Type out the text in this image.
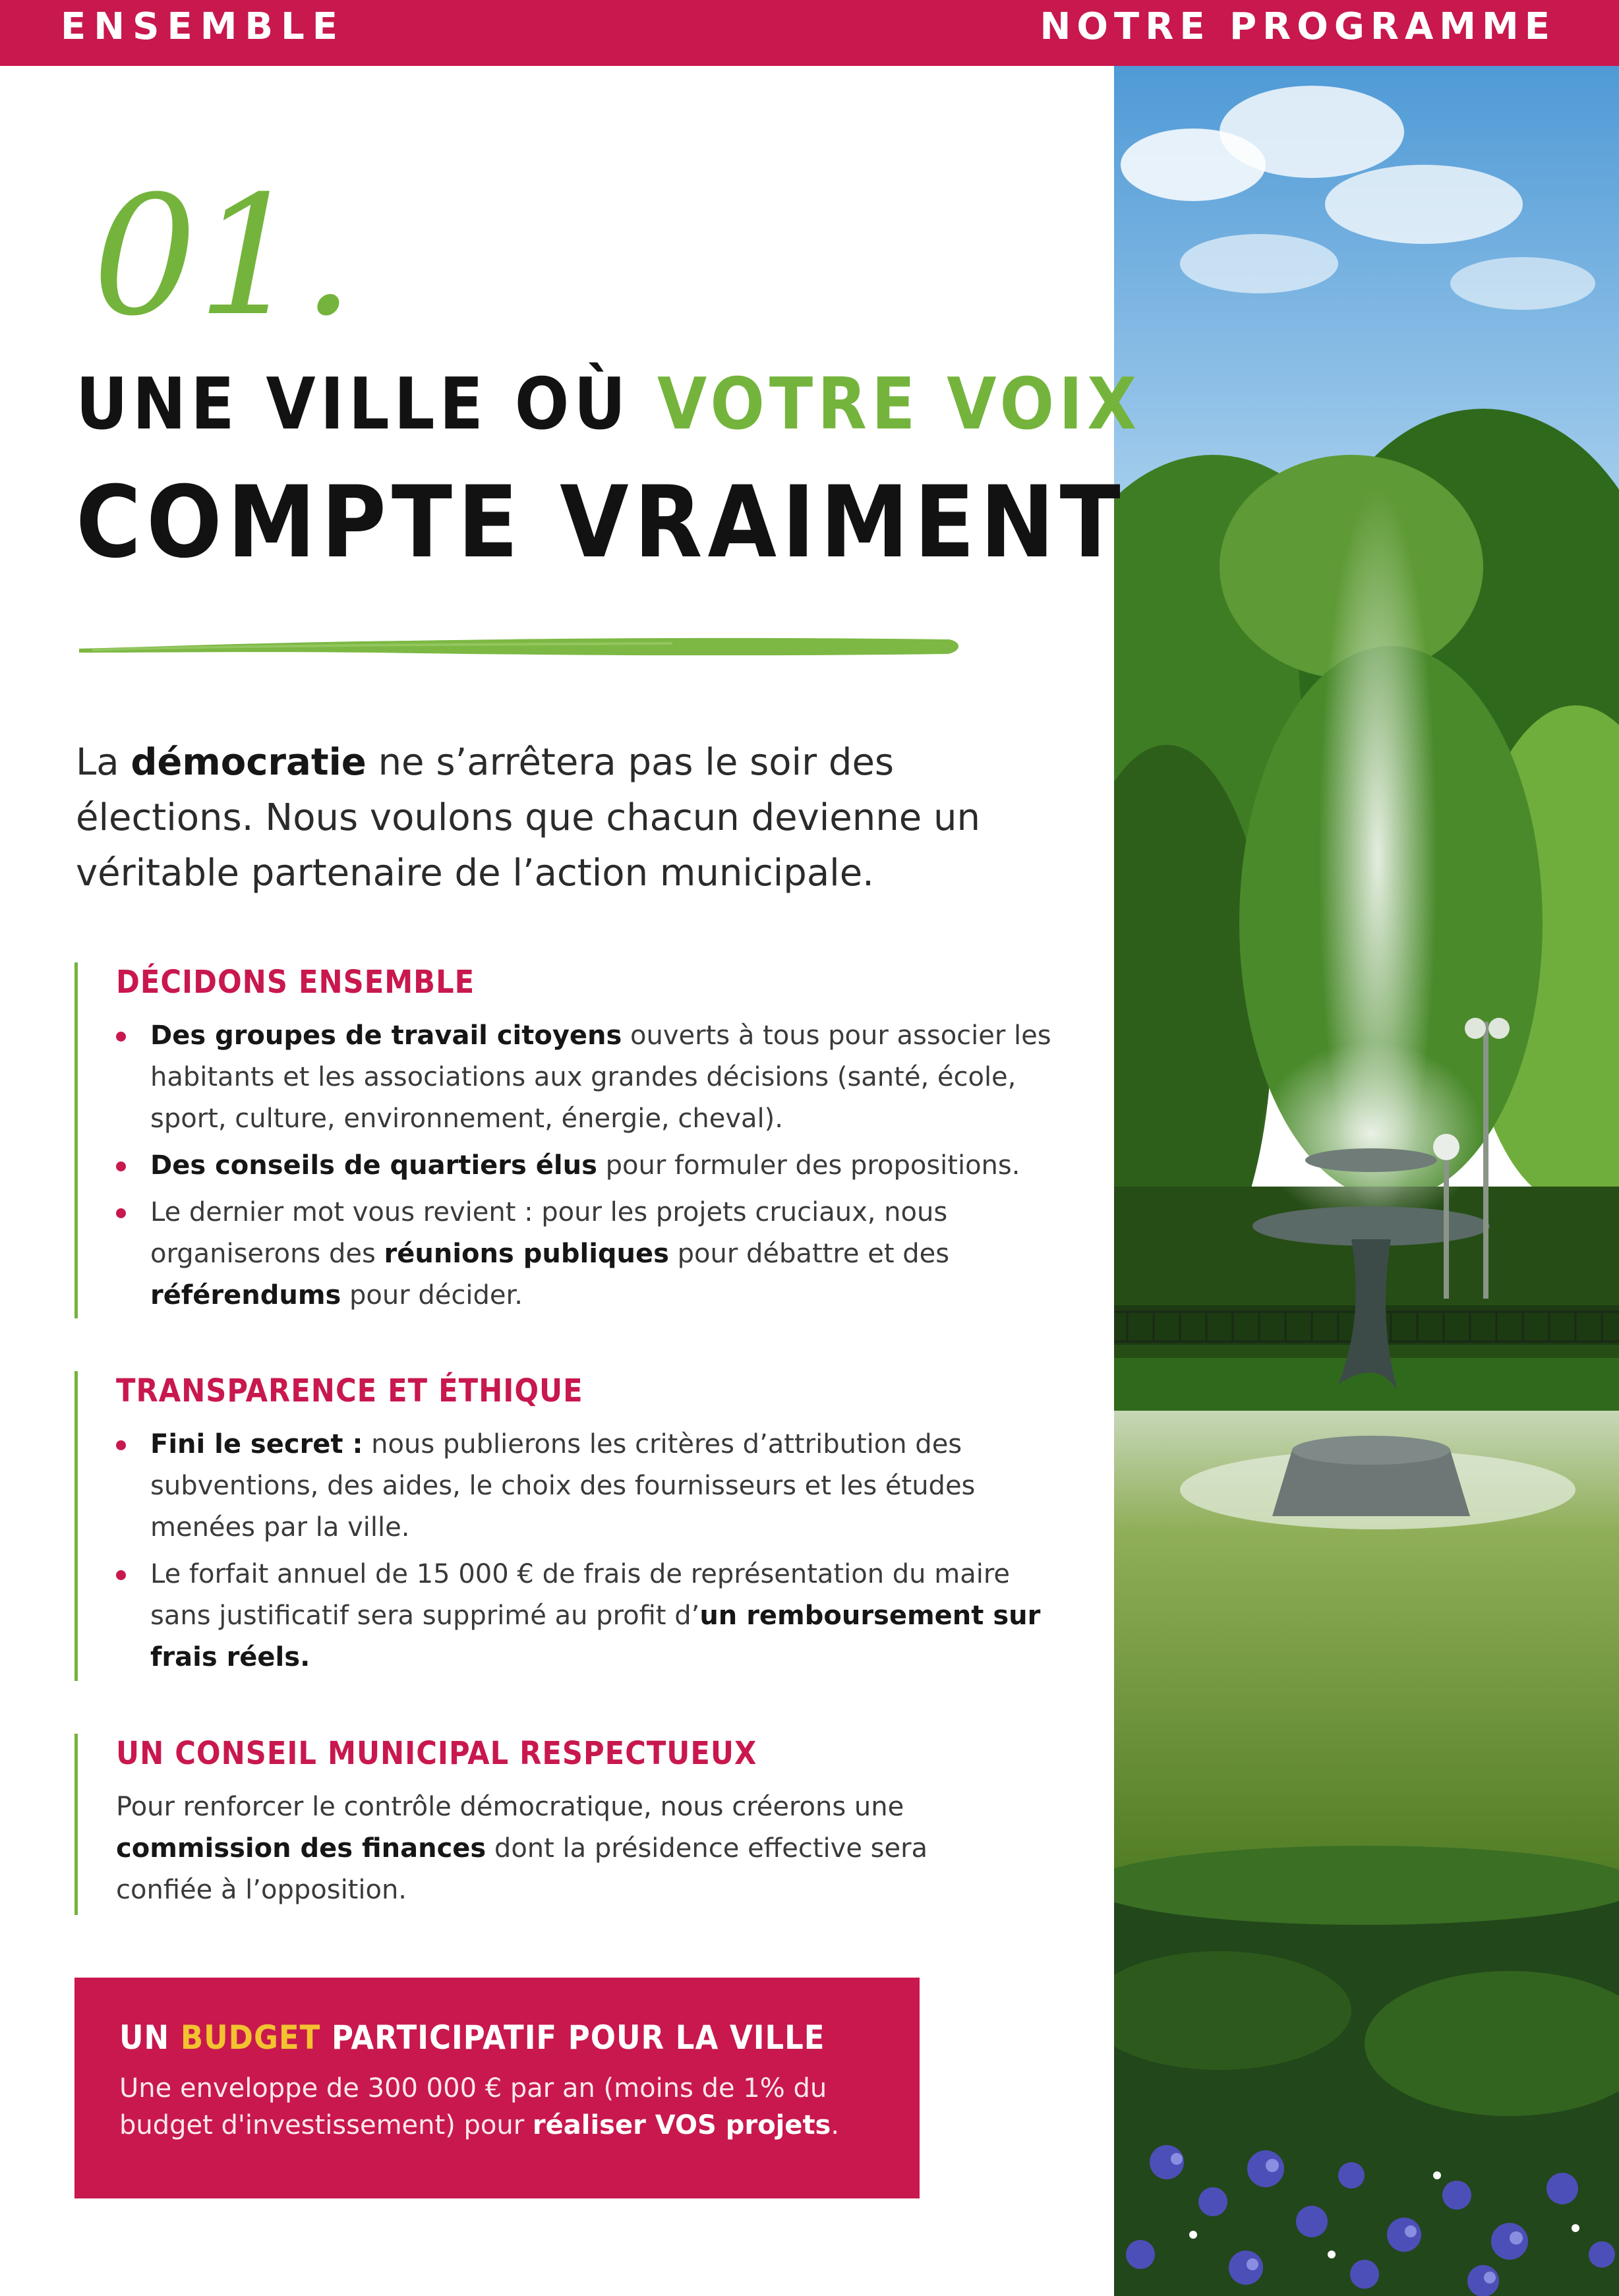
ENSEMBLE	NOTRE PROGRAMME
01.
UNE VILLE OÙ VOTRE VOIX
COMPTE VRAIMENT

La démocratie ne s’arrêtera pas le soir des élections. Nous voulons que chacun devienne un véritable partenaire de l’action municipale.

DÉCIDONS ENSEMBLE
Des groupes de travail citoyens ouverts à tous pour associer les habitants et les associations aux grandes décisions (santé, école, sport, culture, environnement, énergie, cheval).
Des conseils de quartiers élus pour formuler des propositions.
Le dernier mot vous revient : pour les projets cruciaux, nous organiserons des réunions publiques pour débattre et des référendums pour décider.
TRANSPARENCE ET ÉTHIQUE
Fini le secret : nous publierons les critères d’attribution des subventions, des aides, le choix des fournisseurs et les études menées par la ville.
Le forfait annuel de 15 000 € de frais de représentation du maire sans justificatif sera supprimé au profit d’un remboursement sur frais réels.
UN CONSEIL MUNICIPAL RESPECTUEUX

Pour renforcer le contrôle démocratique, nous créerons une commission des finances dont la présidence effective sera confiée à l’opposition.

UN BUDGET PARTICIPATIF POUR LA VILLE

Une enveloppe de 300 000 € par an (moins de 1% du budget d'investissement) pour réaliser VOS projets.
